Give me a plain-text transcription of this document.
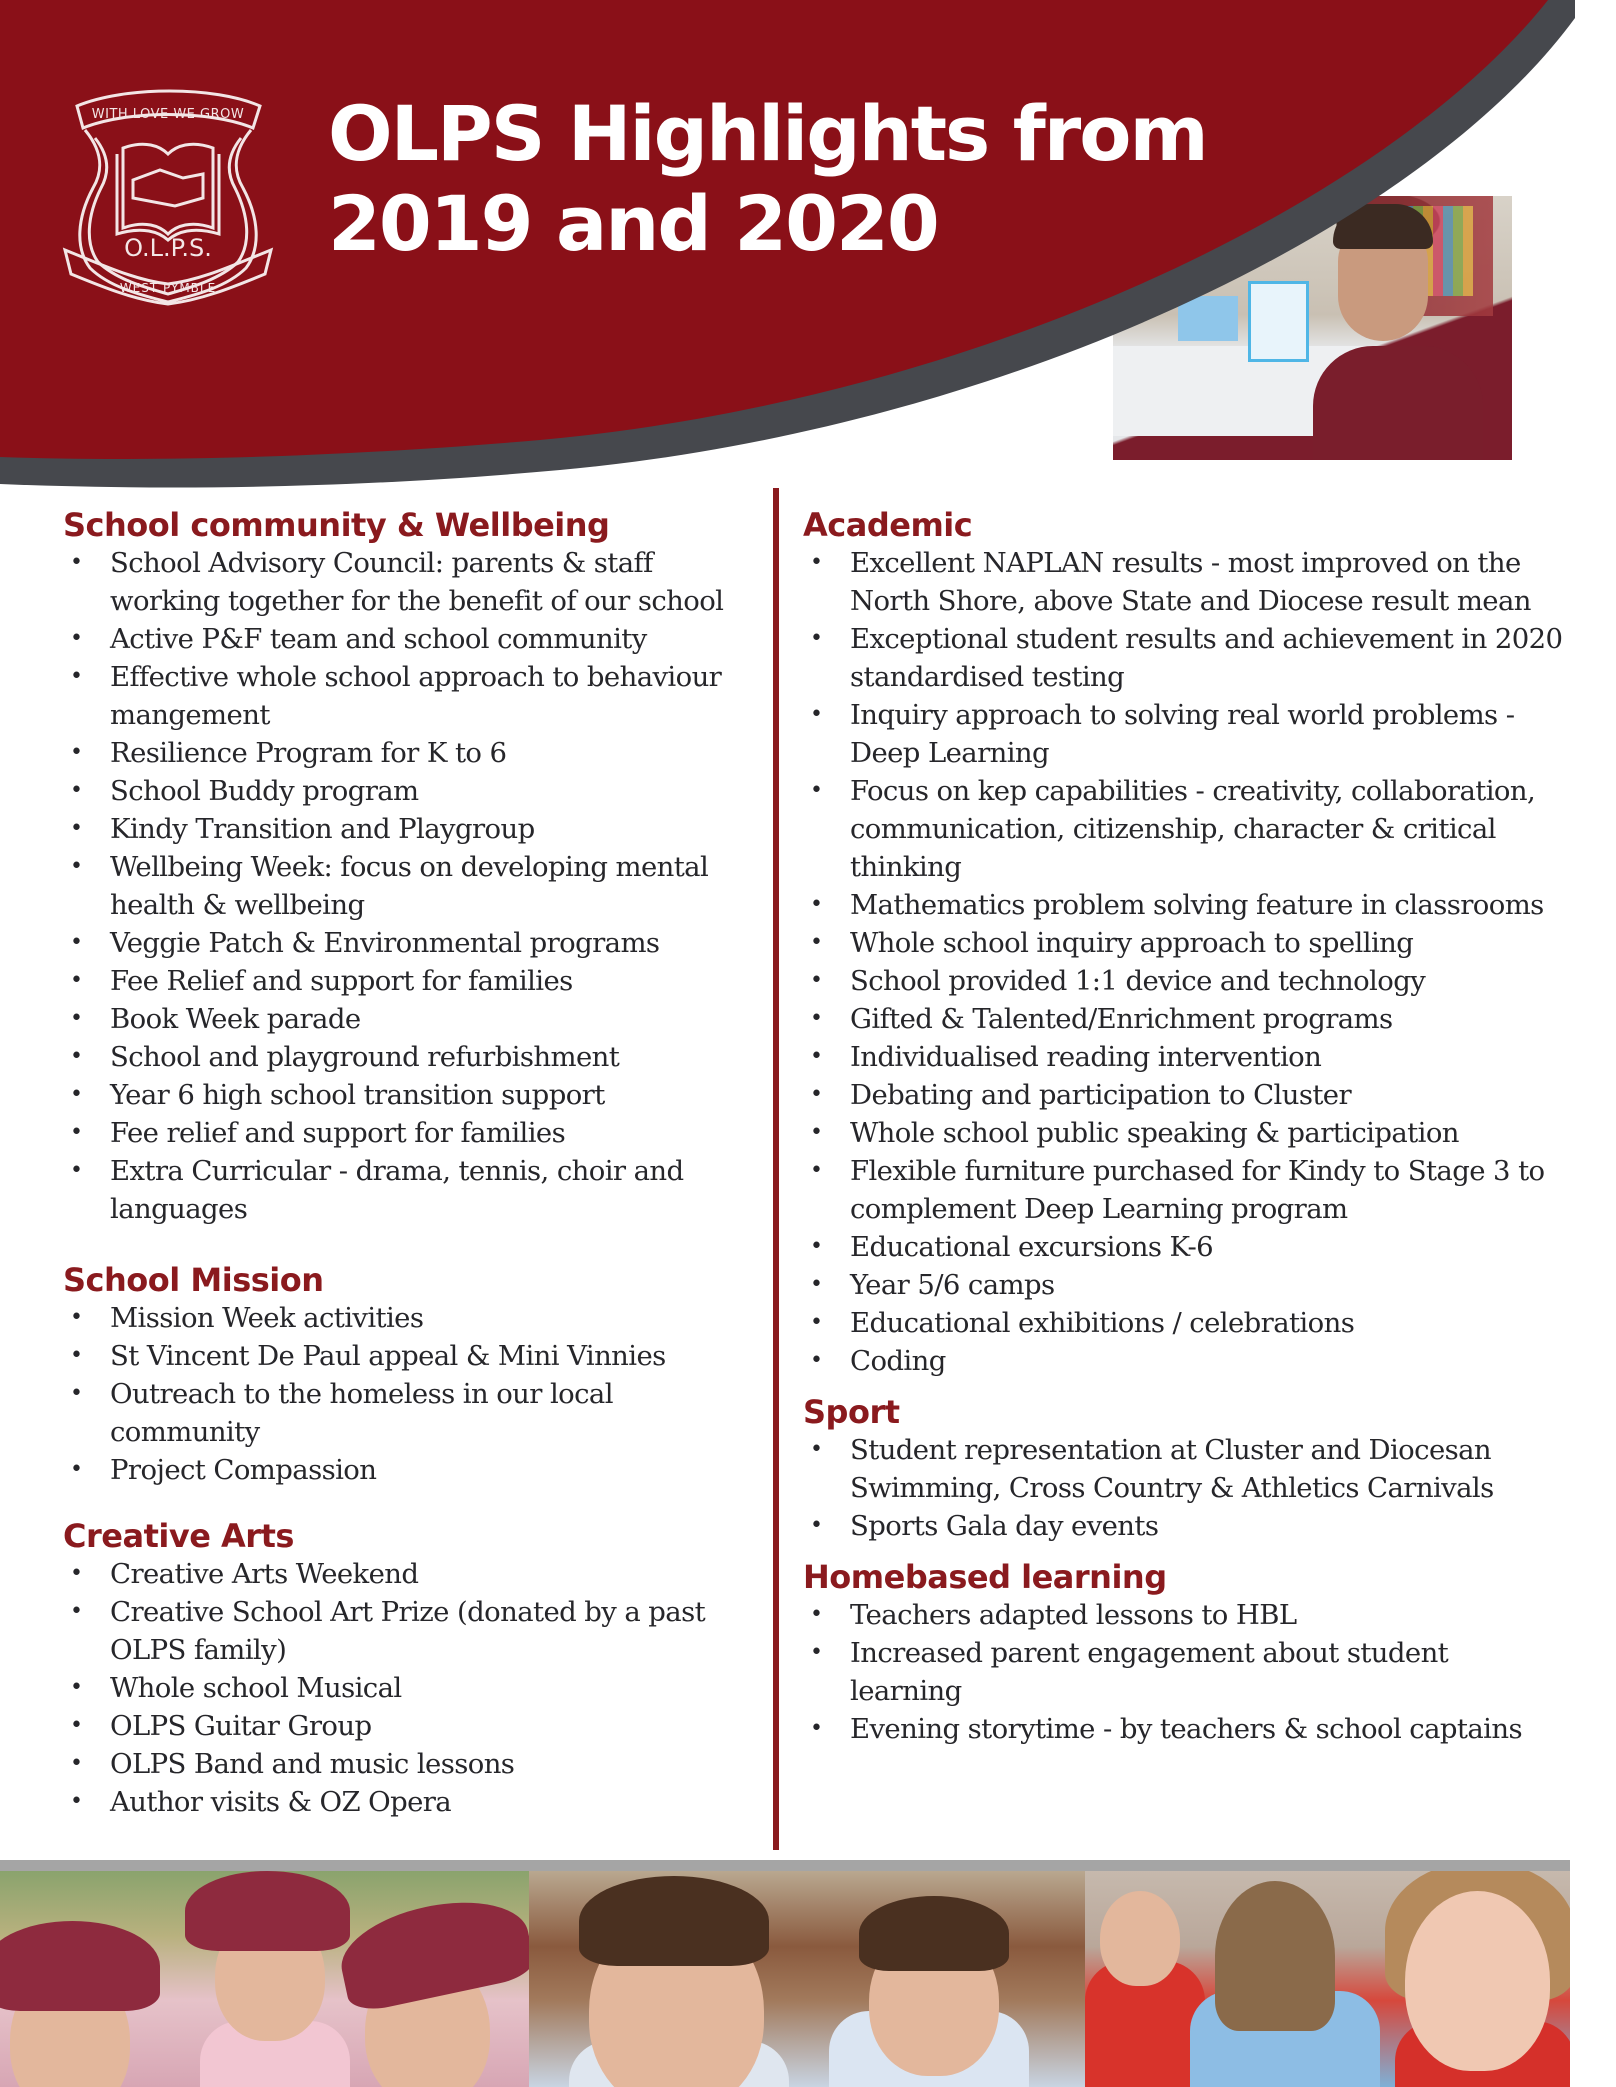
WITH LOVE WE GROW
O.L.P.S.
WEST PYMBLE
OLPS Highlights from
2019 and 2020
School community & Wellbeing
• School Advisory Council: parents & staff working together for the benefit of our school
• Active P&F team and school community
• Effective whole school approach to behaviour mangement
• Resilience Program for K to 6
• School Buddy program
• Kindy Transition and Playgroup
• Wellbeing Week: focus on developing mental health & wellbeing
• Veggie Patch & Environmental programs
• Fee Relief and support for families
• Book Week parade
• School and playground refurbishment
• Year 6 high school transition support
• Fee relief and support for families
• Extra Curricular - drama, tennis, choir and languages
School Mission
• Mission Week activities
• St Vincent De Paul appeal & Mini Vinnies
• Outreach to the homeless in our local community
• Project Compassion
Creative Arts
• Creative Arts Weekend
• Creative School Art Prize (donated by a past OLPS family)
• Whole school Musical
• OLPS Guitar Group
• OLPS Band and music lessons
• Author visits & OZ Opera
Academic
• Excellent NAPLAN results - most improved on the North Shore, above State and Diocese result mean
• Exceptional student results and achievement in 2020 standardised testing
• Inquiry approach to solving real world problems - Deep Learning
• Focus on kep capabilities - creativity, collaboration, communication, citizenship, character & critical thinking
• Mathematics problem solving feature in classrooms
• Whole school inquiry approach to spelling
• School provided 1:1 device and technology
• Gifted & Talented/Enrichment programs
• Individualised reading intervention
• Debating and participation to Cluster
• Whole school public speaking & participation
• Flexible furniture purchased for Kindy to Stage 3 to complement Deep Learning program
• Educational excursions K-6
• Year 5/6 camps
• Educational exhibitions / celebrations
• Coding
Sport
• Student representation at Cluster and Diocesan Swimming, Cross Country & Athletics Carnivals
• Sports Gala day events
Homebased learning
• Teachers adapted lessons to HBL
• Increased parent engagement about student learning
• Evening storytime - by teachers & school captains
